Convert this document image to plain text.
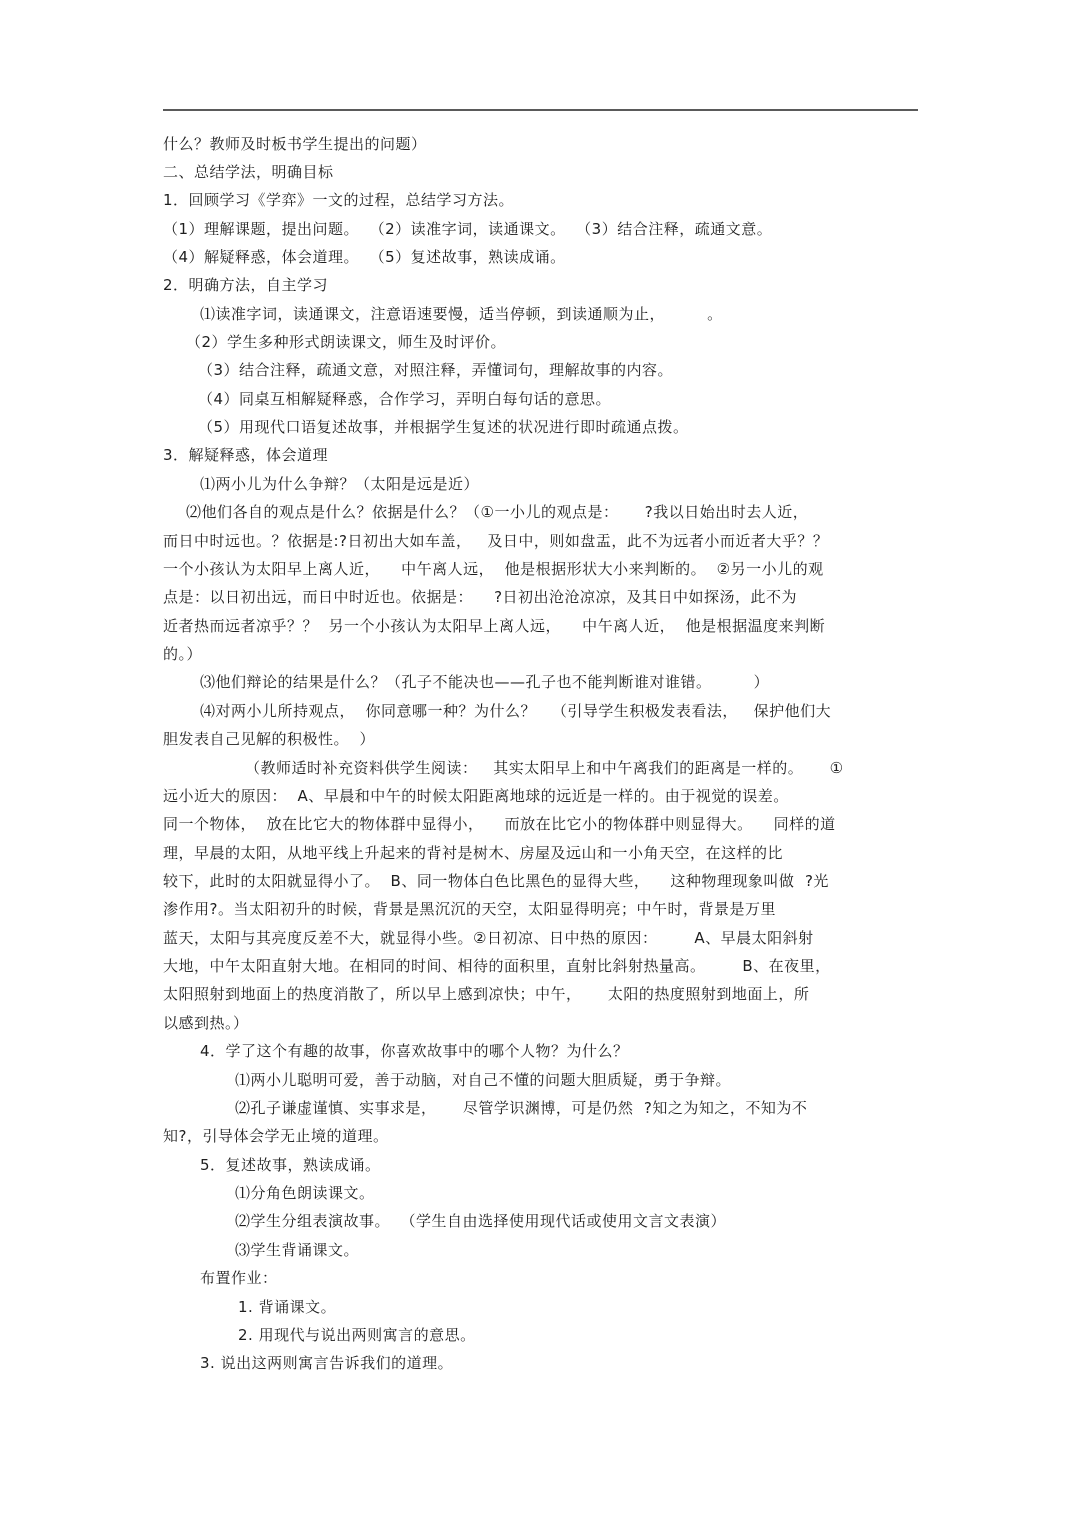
什么？教师及时板书学生提出的问题）
二、总结学法，明确目标
1．回顾学习《学弈》一文的过程，总结学习方法。
（1）理解课题，提出问题。  （2）读准字词，读通课文。  （3）结合注释，疏通文意。
（4）解疑释惑，体会道理。  （5）复述故事，熟读成诵。
2．明确方法，自主学习
⑴读准字词，读通课文，注意语速要慢，适当停顿，到读通顺为止，        。
（2）学生多种形式朗读课文，师生及时评价。
（3）结合注释，疏通文意，对照注释，弄懂词句，理解故事的内容。
（4）同桌互相解疑释惑，合作学习，弄明白每句话的意思。
（5）用现代口语复述故事，并根据学生复述的状况进行即时疏通点拨。
3．解疑释惑，体会道理
⑴两小儿为什么争辩？（太阳是远是近）
⑵他们各自的观点是什么？依据是什么？（①一小儿的观点是：     ?我以日始出时去人近，
而日中时远也。？依据是:?日初出大如车盖，   及日中，则如盘盂，此不为远者小而近者大乎？？
一个小孩认为太阳早上离人近，    中午离人远，  他是根据形状大小来判断的。  ②另一小儿的观
点是：以日初出远，而日中时近也。依据是：    ?日初出沧沧凉凉，及其日中如探汤，此不为
近者热而远者凉乎？？  另一个小孩认为太阳早上离人远，    中午离人近，  他是根据温度来判断
的。）
⑶他们辩论的结果是什么？（孔子不能决也——孔子也不能判断谁对谁错。        ）
⑷对两小儿所持观点，  你同意哪一种？为什么？   （引导学生积极发表看法，   保护他们大
胆发表自己见解的积极性。  ）
（教师适时补充资料供学生阅读：   其实太阳早上和中午离我们的距离是一样的。     ①
远小近大的原因：  A、早晨和中午的时候太阳距离地球的远近是一样的。由于视觉的误差。
同一个物体，  放在比它大的物体群中显得小，    而放在比它小的物体群中则显得大。    同样的道
理，早晨的太阳，从地平线上升起来的背衬是树木、房屋及远山和一小角天空，在这样的比
较下，此时的太阳就显得小了。  B、同一物体白色比黑色的显得大些，    这种物理现象叫做  ?光
渗作用?。当太阳初升的时候，背景是黑沉沉的天空，太阳显得明亮；中午时，背景是万里
蓝天，太阳与其亮度反差不大，就显得小些。②日初凉、日中热的原因：       A、早晨太阳斜射
大地，中午太阳直射大地。在相同的时间、相待的面积里，直射比斜射热量高。       B、在夜里，
太阳照射到地面上的热度消散了，所以早上感到凉快；中午，     太阳的热度照射到地面上，所
以感到热。）
4．学了这个有趣的故事，你喜欢故事中的哪个人物？为什么？
⑴两小儿聪明可爱，善于动脑，对自己不懂的问题大胆质疑，勇于争辩。
⑵孔子谦虚谨慎、实事求是，     尽管学识渊博，可是仍然  ?知之为知之，不知为不
知?，引导体会学无止境的道理。
5．复述故事，熟读成诵。
⑴分角色朗读课文。
⑵学生分组表演故事。  （学生自由选择使用现代话或使用文言文表演）
⑶学生背诵课文。
布置作业：
1. 背诵课文。
2. 用现代与说出两则寓言的意思。
3. 说出这两则寓言告诉我们的道理。
